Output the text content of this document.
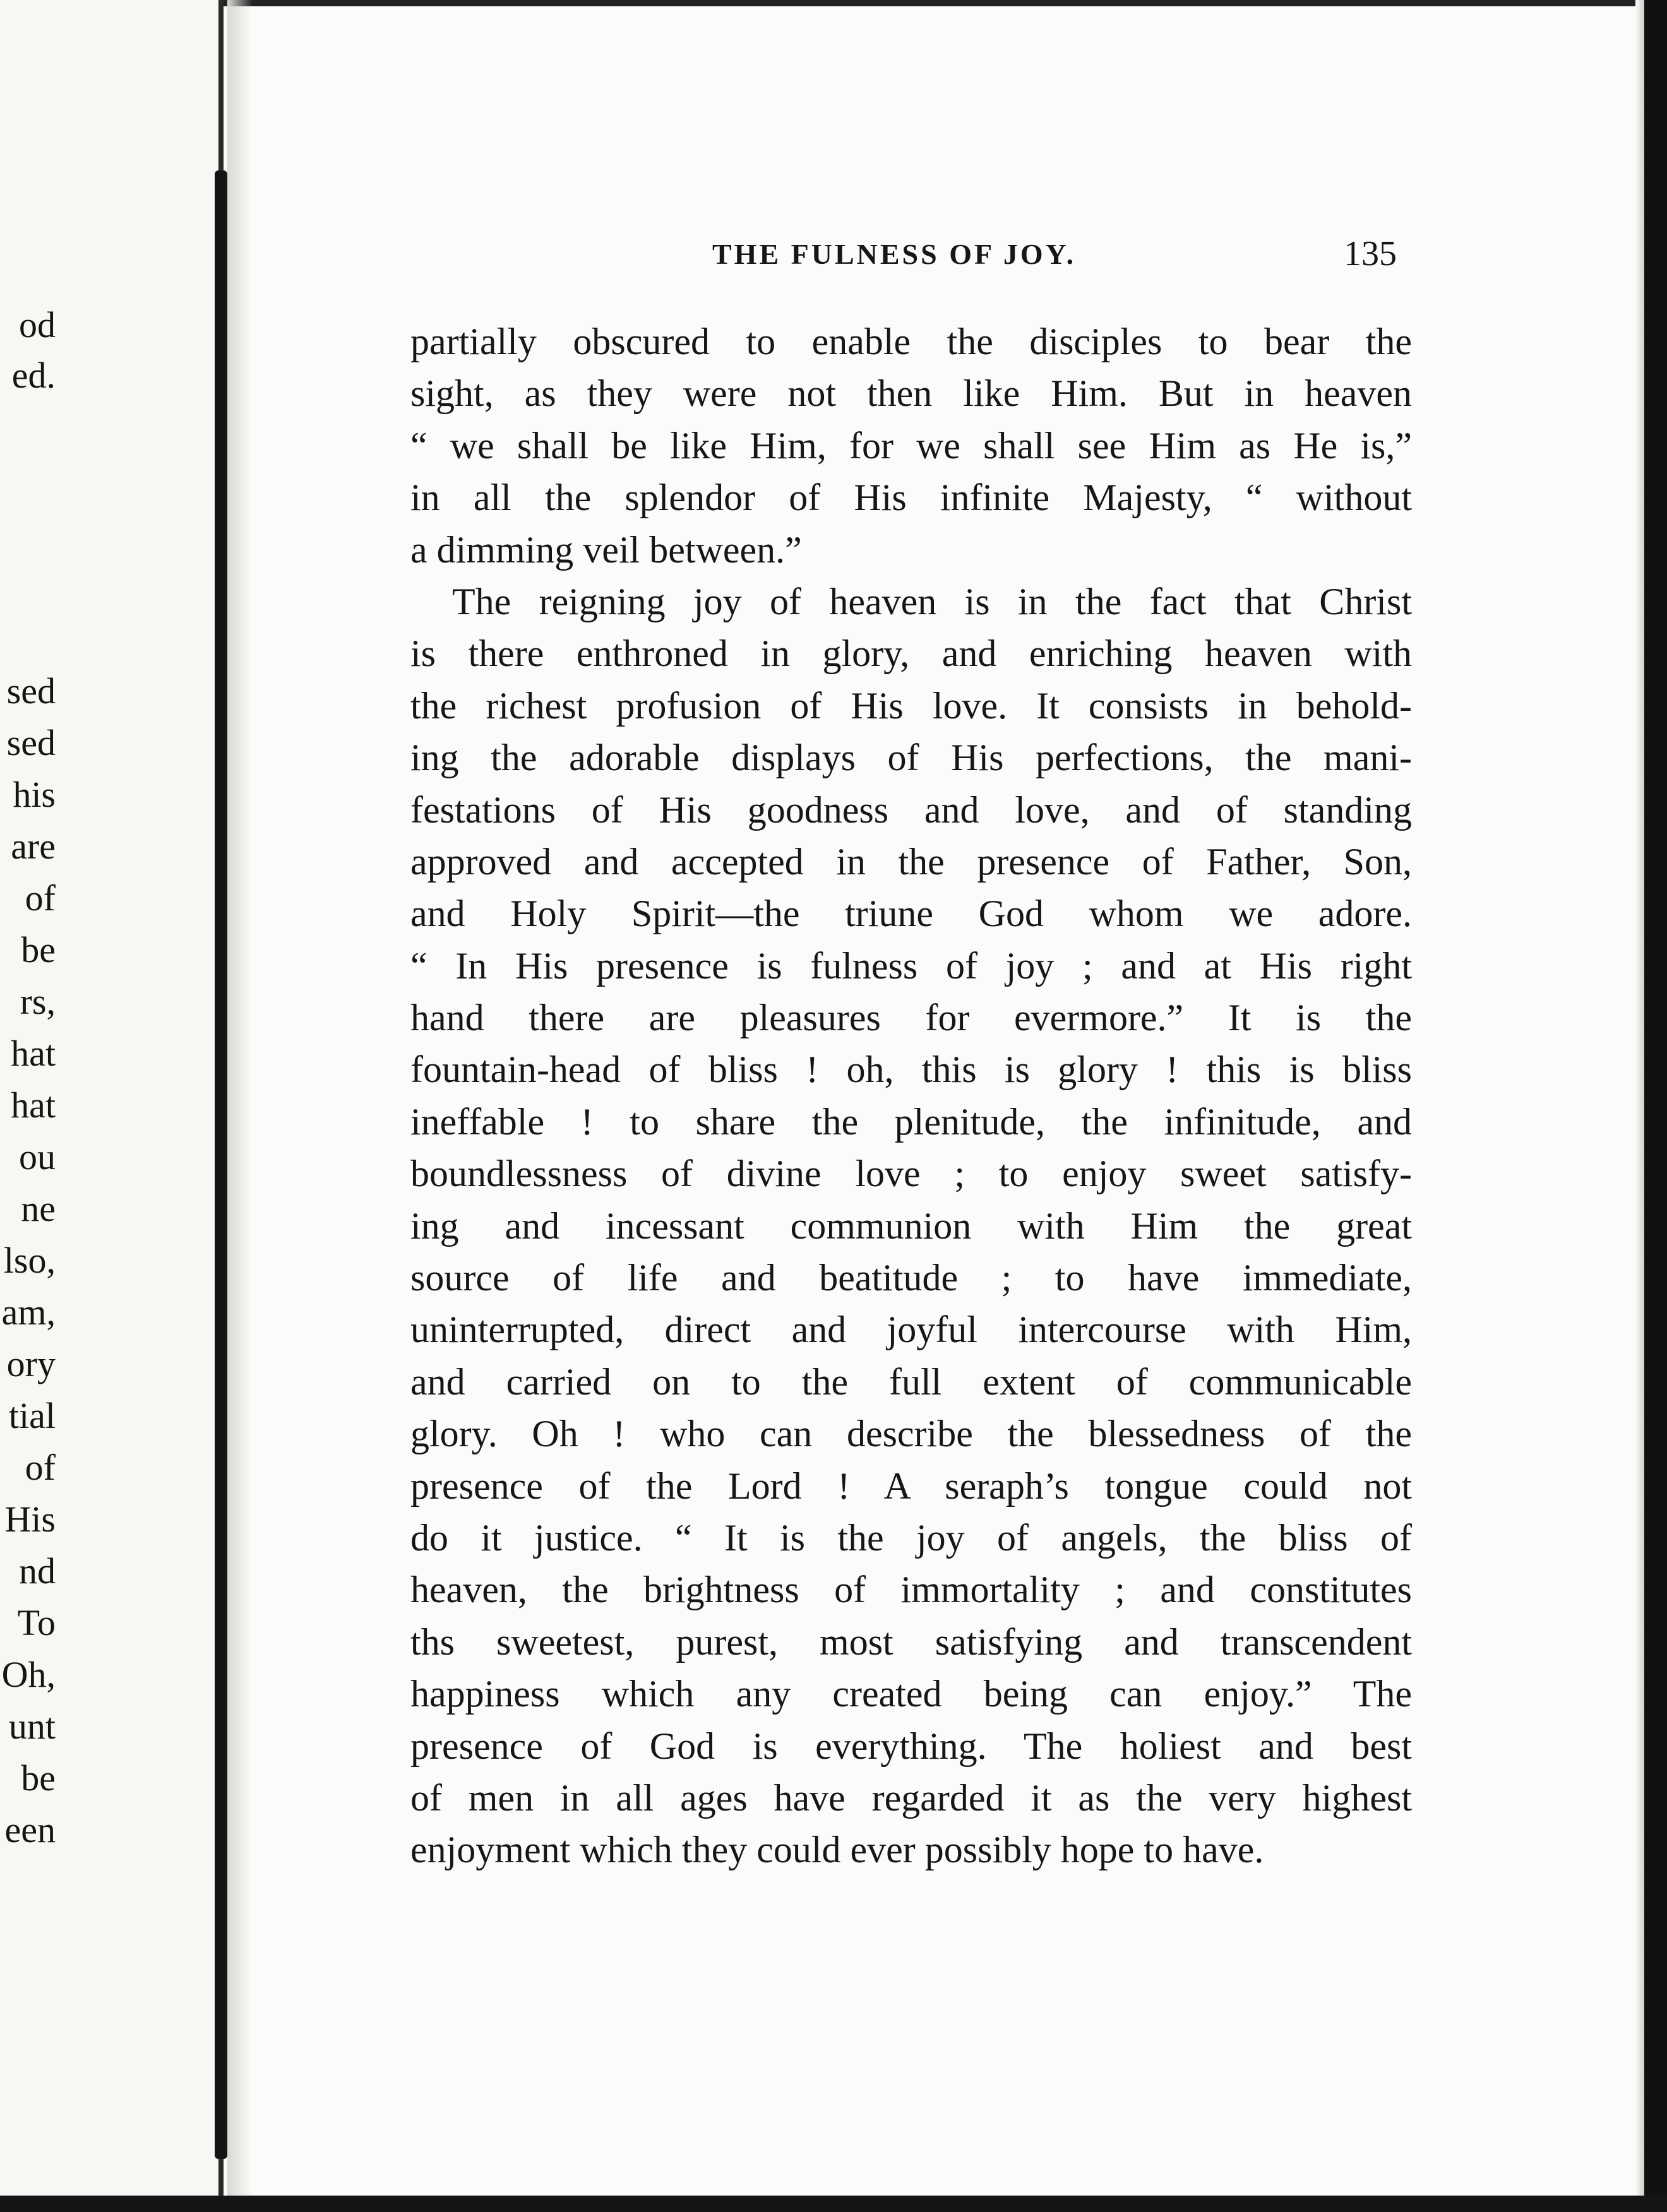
od
ed.
sed
sed
his
are
of
be
rs,
hat
hat
ou
ne
lso,
am,
ory
tial
of
His
nd
To
Oh,
unt
be
een
THE FULNESS OF JOY.	135
partially obscured to enable the disciples to bear the
sight, as they were not then like Him. But in heaven
“ we shall be like Him, for we shall see Him as He is,”
in all the splendor of His infinite Majesty, “ without
a dimming veil between.”
The reigning joy of heaven is in the fact that Christ
is there enthroned in glory, and enriching heaven with
the richest profusion of His love. It consists in behold-
ing the adorable displays of His perfections, the mani-
festations of His goodness and love, and of standing
approved and accepted in the presence of Father, Son,
and Holy Spirit—the triune God whom we adore.
“ In His presence is fulness of joy ; and at His right
hand there are pleasures for evermore.” It is the
fountain-head of bliss ! oh, this is glory ! this is bliss
ineffable ! to share the plenitude, the infinitude, and
boundlessness of divine love ; to enjoy sweet satisfy-
ing and incessant communion with Him the great
source of life and beatitude ; to have immediate,
uninterrupted, direct and joyful intercourse with Him,
and carried on to the full extent of communicable
glory. Oh ! who can describe the blessedness of the
presence of the Lord ! A seraph’s tongue could not
do it justice. “ It is the joy of angels, the bliss of
heaven, the brightness of immortality ; and constitutes
ths sweetest, purest, most satisfying and transcendent
happiness which any created being can enjoy.” The
presence of God is everything. The holiest and best
of men in all ages have regarded it as the very highest
enjoyment which they could ever possibly hope to have.
